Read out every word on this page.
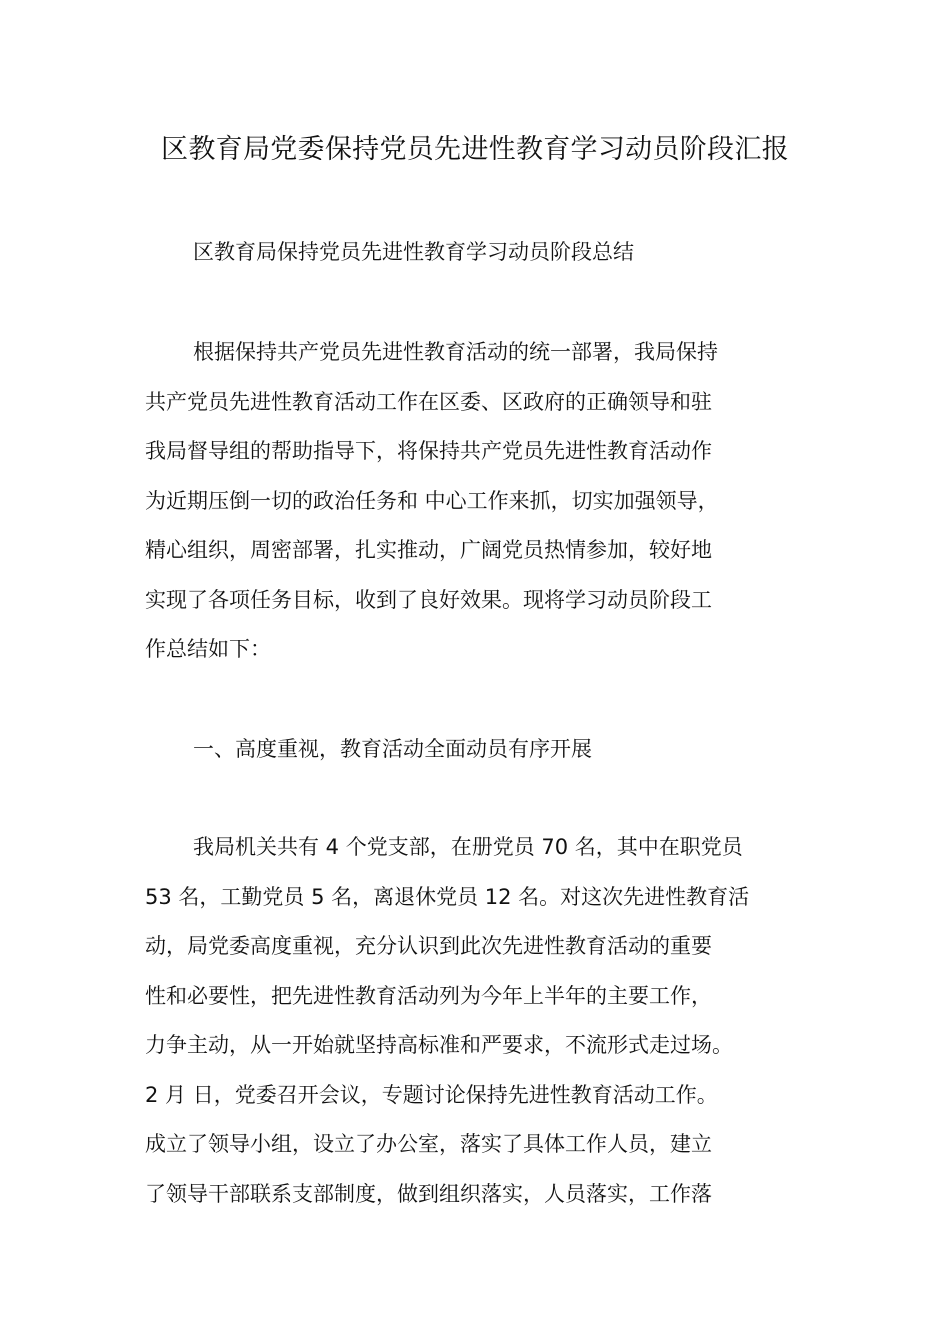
区教育局党委保持党员先进性教育学习动员阶段汇报
区教育局保持党员先进性教育学习动员阶段总结
根据保持共产党员先进性教育活动的统一部署，我局保持
共产党员先进性教育活动工作在区委、区政府的正确领导和驻
我局督导组的帮助指导下，将保持共产党员先进性教育活动作
为近期压倒一切的政治任务和 中心工作来抓，切实加强领导，
精心组织，周密部署，扎实推动，广阔党员热情参加，较好地
实现了各项任务目标，收到了良好效果。现将学习动员阶段工
作总结如下：
一、高度重视，教育活动全面动员有序开展
我局机关共有 4 个党支部，在册党员 70 名，其中在职党员
53 名，工勤党员 5 名，离退休党员 12 名。对这次先进性教育活
动，局党委高度重视，充分认识到此次先进性教育活动的重要
性和必要性，把先进性教育活动列为今年上半年的主要工作，
力争主动，从一开始就坚持高标准和严要求，不流形式走过场。
2 月 日，党委召开会议，专题讨论保持先进性教育活动工作。
成立了领导小组，设立了办公室，落实了具体工作人员，建立
了领导干部联系支部制度，做到组织落实，人员落实，工作落
